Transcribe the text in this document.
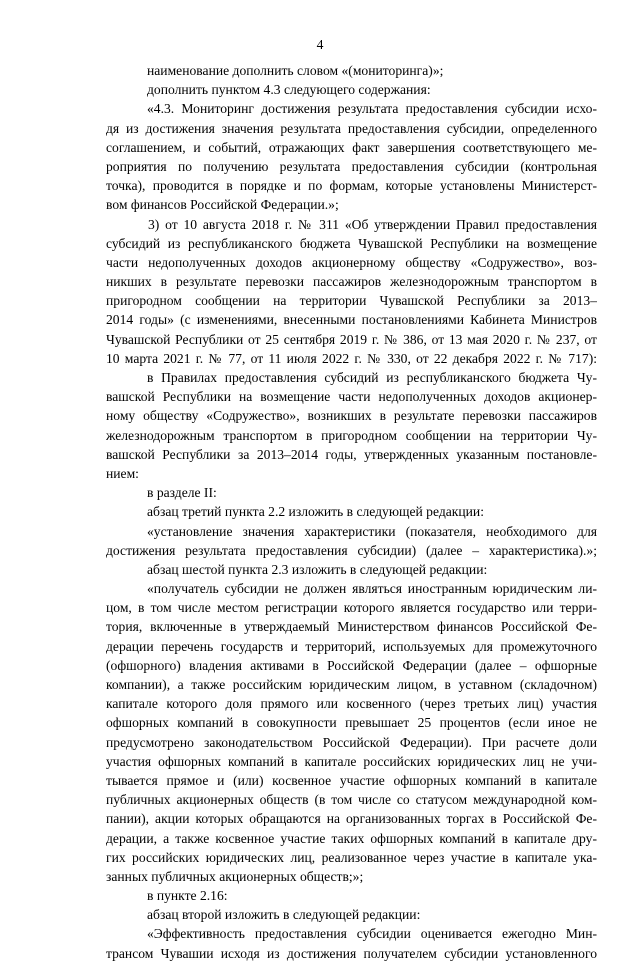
4
наименование дополнить словом «(мониторинга)»;
дополнить пунктом 4.3 следующего содержания:
«4.3. Мониторинг достижения результата предоставления субсидии исхо-
дя из достижения значения результата предоставления субсидии, определенного
соглашением, и событий, отражающих факт завершения соответствующего ме-
роприятия по получению результата предоставления субсидии (контрольная
точка), проводится в порядке и по формам, которые установлены Министерст-
вом финансов Российской Федерации.»;
3) от 10 августа 2018 г. № 311 «Об утверждении Правил предоставления
субсидий из республиканского бюджета Чувашской Республики на возмещение
части недополученных доходов акционерному обществу «Содружество», воз-
никших в результате перевозки пассажиров железнодорожным транспортом в
пригородном сообщении на территории Чувашской Республики за 2013–
2014 годы» (с изменениями, внесенными постановлениями Кабинета Министров
Чувашской Республики от 25 сентября 2019 г. № 386, от 13 мая 2020 г. № 237, от
10 марта 2021 г. № 77, от 11 июля 2022 г. № 330, от 22 декабря 2022 г. № 717):
в Правилах предоставления субсидий из республиканского бюджета Чу-
вашской Республики на возмещение части недополученных доходов акционер-
ному обществу «Содружество», возникших в результате перевозки пассажиров
железнодорожным транспортом в пригородном сообщении на территории Чу-
вашской Республики за 2013–2014 годы, утвержденных указанным постановле-
нием:
в разделе II:
абзац третий пункта 2.2 изложить в следующей редакции:
«установление значения характеристики (показателя, необходимого для
достижения результата предоставления субсидии) (далее – характеристика).»;
абзац шестой пункта 2.3 изложить в следующей редакции:
«получатель субсидии не должен являться иностранным юридическим ли-
цом, в том числе местом регистрации которого является государство или терри-
тория, включенные в утверждаемый Министерством финансов Российской Фе-
дерации перечень государств и территорий, используемых для промежуточного
(офшорного) владения активами в Российской Федерации (далее – офшорные
компании), а также российским юридическим лицом, в уставном (складочном)
капитале которого доля прямого или косвенного (через третьих лиц) участия
офшорных компаний в совокупности превышает 25 процентов (если иное не
предусмотрено законодательством Российской Федерации). При расчете доли
участия офшорных компаний в капитале российских юридических лиц не учи-
тывается прямое и (или) косвенное участие офшорных компаний в капитале
публичных акционерных обществ (в том числе со статусом международной ком-
пании), акции которых обращаются на организованных торгах в Российской Фе-
дерации, а также косвенное участие таких офшорных компаний в капитале дру-
гих российских юридических лиц, реализованное через участие в капитале ука-
занных публичных акционерных обществ;»;
в пункте 2.16:
абзац второй изложить в следующей редакции:
«Эффективность предоставления субсидии оценивается ежегодно Мин-
трансом Чувашии исходя из достижения получателем субсидии установленного
